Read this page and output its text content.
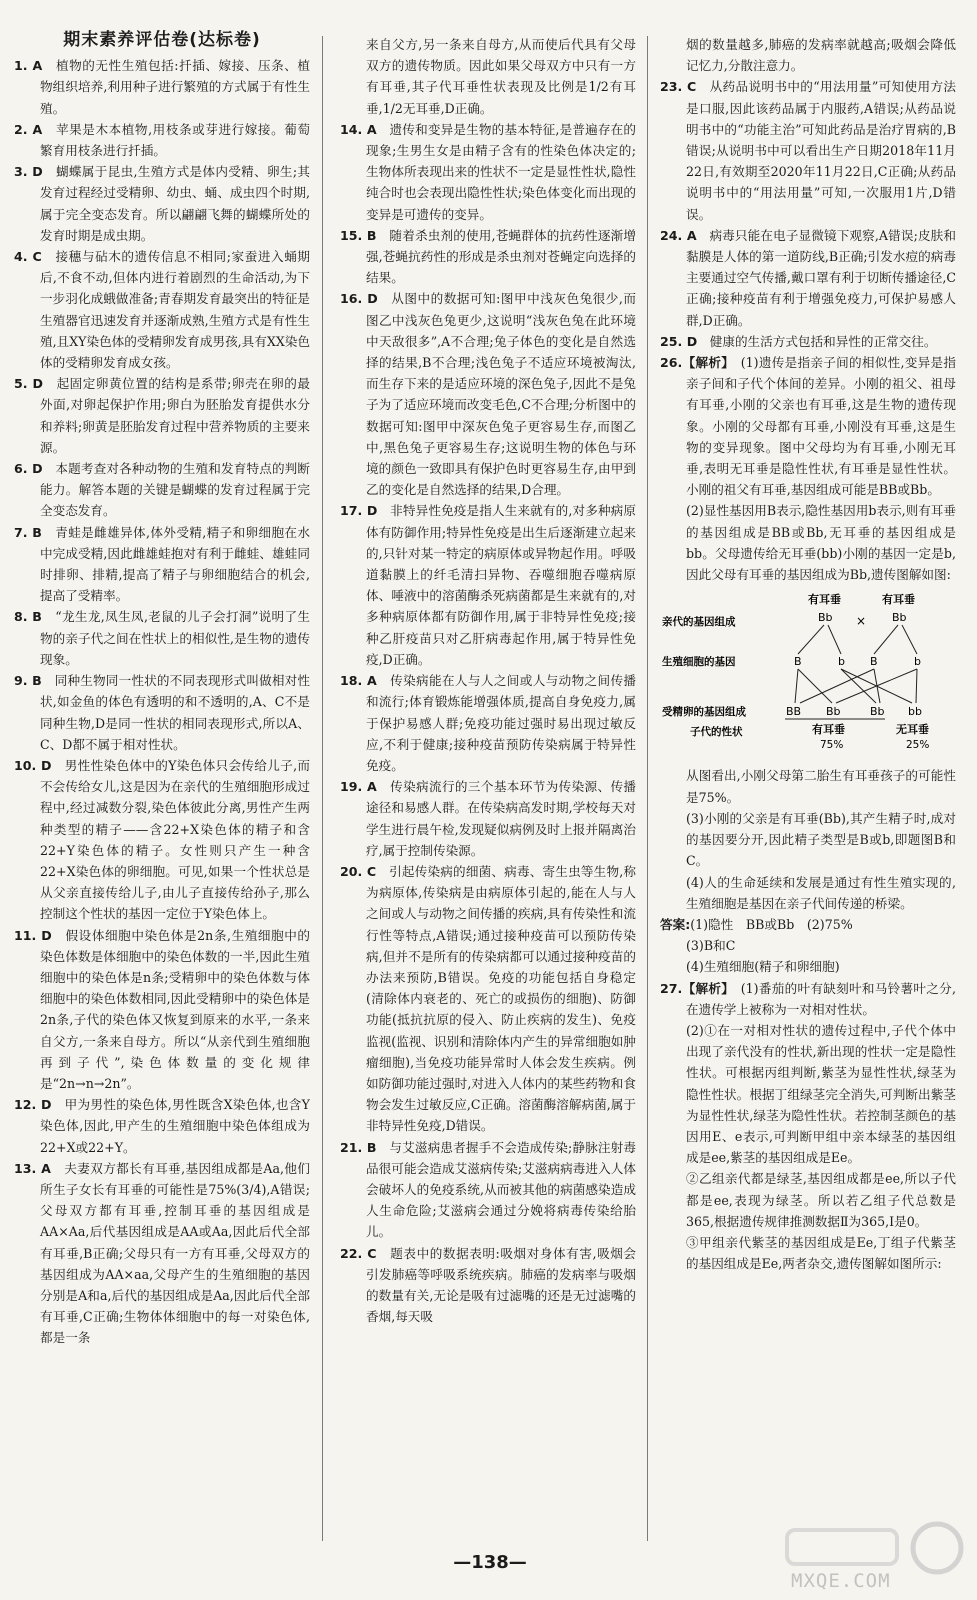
期末素养评估卷(达标卷)

1. A　 植物的无性生殖包括:扦插、嫁接、压条、植物组织培养,利用种子进行繁殖的方式属于有性生殖。

2. A　 苹果是木本植物,用枝条或芽进行嫁接。葡萄繁育用枝条进行扦插。

3. D　 蝴蝶属于昆虫,生殖方式是体内受精、卵生;其发育过程经过受精卵、幼虫、蛹、成虫四个时期,属于完全变态发育。所以翩翩飞舞的蝴蝶所处的发育时期是成虫期。

4. C　 接穗与砧木的遗传信息不相同;家蚕进入蛹期后,不食不动,但体内进行着剧烈的生命活动,为下一步羽化成蛾做准备;青春期发育最突出的特征是生殖器官迅速发育并逐渐成熟,生殖方式是有性生殖,且XY染色体的受精卵发育成男孩,具有XX染色体的受精卵发育成女孩。

5. D　 起固定卵黄位置的结构是系带;卵壳在卵的最外面,对卵起保护作用;卵白为胚胎发育提供水分和养料;卵黄是胚胎发育过程中营养物质的主要来源。

6. D　 本题考查对各种动物的生殖和发育特点的判断能力。解答本题的关键是蝴蝶的发育过程属于完全变态发育。

7. B　 青蛙是雌雄异体,体外受精,精子和卵细胞在水中完成受精,因此雌雄蛙抱对有利于雌蛙、雄蛙同时排卵、排精,提高了精子与卵细胞结合的机会,提高了受精率。

8. B　 “龙生龙,凤生凤,老鼠的儿子会打洞”说明了生物的亲子代之间在性状上的相似性,是生物的遗传现象。

9. B　 同种生物同一性状的不同表现形式叫做相对性状,如金鱼的体色有透明的和不透明的,A、C不是同种生物,D是同一性状的相同表现形式,所以A、C、D都不属于相对性状。

10. D　 男性性染色体中的Y染色体只会传给儿子,而不会传给女儿,这是因为在亲代的生殖细胞形成过程中,经过减数分裂,染色体彼此分离,男性产生两种类型的精子——含22+X染色体的精子和含22+Y染色体的精子。女性则只产生一种含22+X染色体的卵细胞。可见,如果一个性状总是从父亲直接传给儿子,由儿子直接传给孙子,那么控制这个性状的基因一定位于Y染色体上。

11. D　 假设体细胞中染色体是2n条,生殖细胞中的染色体数是体细胞中的染色体数的一半,因此生殖细胞中的染色体是n条;受精卵中的染色体数与体细胞中的染色体数相同,因此受精卵中的染色体是2n条,子代的染色体又恢复到原来的水平,一条来自父方,一条来自母方。所以“从亲代到生殖细胞再到子代”,染色体数量的变化规律是“2n→n→2n”。

12. D　 甲为男性的染色体,男性既含X染色体,也含Y染色体,因此,甲产生的生殖细胞中染色体组成为22+X或22+Y。

13. A　 夫妻双方都长有耳垂,基因组成都是Aa,他们所生子女长有耳垂的可能性是75%(3/4),A错误;父母双方都有耳垂,控制耳垂的基因组成是AA×Aa,后代基因组成是AA或Aa,因此后代全部有耳垂,B正确;父母只有一方有耳垂,父母双方的基因组成为AA×aa,父母产生的生殖细胞的基因分别是A和a,后代的基因组成是Aa,因此后代全部有耳垂,C正确;生物体体细胞中的每一对染色体,都是一条

来自父方,另一条来自母方,从而使后代具有父母双方的遗传物质。因此如果父母双方中只有一方有耳垂,其子代耳垂性状表现及比例是1/2有耳垂,1/2无耳垂,D正确。

14. A　 遗传和变异是生物的基本特征,是普遍存在的现象;生男生女是由精子含有的性染色体决定的;生物体所表现出来的性状不一定是显性性状,隐性纯合时也会表现出隐性性状;染色体变化而出现的变异是可遗传的变异。

15. B　 随着杀虫剂的使用,苍蝇群体的抗药性逐渐增强,苍蝇抗药性的形成是杀虫剂对苍蝇定向选择的结果。

16. D　 从图中的数据可知:图甲中浅灰色兔很少,而图乙中浅灰色兔更少,这说明“浅灰色兔在此环境中天敌很多”,A不合理;兔子体色的变化是自然选择的结果,B不合理;浅色兔子不适应环境被淘汰,而生存下来的是适应环境的深色兔子,因此不是兔子为了适应环境而改变毛色,C不合理;分析图中的数据可知:图甲中深灰色兔子更容易生存,而图乙中,黑色兔子更容易生存;这说明生物的体色与环境的颜色一致即具有保护色时更容易生存,由甲到乙的变化是自然选择的结果,D合理。

17. D　 非特异性免疫是指人生来就有的,对多种病原体有防御作用;特异性免疫是出生后逐渐建立起来的,只针对某一特定的病原体或异物起作用。呼吸道黏膜上的纤毛清扫异物、吞噬细胞吞噬病原体、唾液中的溶菌酶杀死病菌都是生来就有的,对多种病原体都有防御作用,属于非特异性免疫;接种乙肝疫苗只对乙肝病毒起作用,属于特异性免疫,D正确。

18. A　 传染病能在人与人之间或人与动物之间传播和流行;体育锻炼能增强体质,提高自身免疫力,属于保护易感人群;免疫功能过强时易出现过敏反应,不利于健康;接种疫苗预防传染病属于特异性免疫。

19. A　 传染病流行的三个基本环节为传染源、传播途径和易感人群。在传染病高发时期,学校每天对学生进行晨午检,发现疑似病例及时上报并隔离治疗,属于控制传染源。

20. C　 引起传染病的细菌、病毒、寄生虫等生物,称为病原体,传染病是由病原体引起的,能在人与人之间或人与动物之间传播的疾病,具有传染性和流行性等特点,A错误;通过接种疫苗可以预防传染病,但并不是所有的传染病都可以通过接种疫苗的办法来预防,B错误。免疫的功能包括自身稳定(清除体内衰老的、死亡的或损伤的细胞)、防御功能(抵抗抗原的侵入、防止疾病的发生)、免疫监视(监视、识别和清除体内产生的异常细胞如肿瘤细胞),当免疫功能异常时人体会发生疾病。例如防御功能过强时,对进入人体内的某些药物和食物会发生过敏反应,C正确。溶菌酶溶解病菌,属于非特异性免疫,D错误。

21. B　 与艾滋病患者握手不会造成传染;静脉注射毒品很可能会造成艾滋病传染;艾滋病病毒进入人体会破坏人的免疫系统,从而被其他的病菌感染造成人生命危险;艾滋病会通过分娩将病毒传染给胎儿。

22. C　 题表中的数据表明:吸烟对身体有害,吸烟会引发肺癌等呼吸系统疾病。肺癌的发病率与吸烟的数量有关,无论是吸有过滤嘴的还是无过滤嘴的香烟,每天吸

烟的数量越多,肺癌的发病率就越高;吸烟会降低记忆力,分散注意力。

23. C　 从药品说明书中的“用法用量”可知使用方法是口服,因此该药品属于内服药,A错误;从药品说明书中的“功能主治”可知此药品是治疗胃病的,B错误;从说明书中可以看出生产日期2018年11月22日,有效期至2020年11月22日,C正确;从药品说明书中的“用法用量”可知,一次服用1片,D错误。

24. A　 病毒只能在电子显微镜下观察,A错误;皮肤和黏膜是人体的第一道防线,B正确;引发水痘的病毒主要通过空气传播,戴口罩有利于切断传播途径,C正确;接种疫苗有利于增强免疫力,可保护易感人群,D正确。

25. D　 健康的生活方式包括和异性的正常交往。

26.【解析】　 (1)遗传是指亲子间的相似性,变异是指亲子间和子代个体间的差异。小刚的祖父、祖母有耳垂,小刚的父亲也有耳垂,这是生物的遗传现象。小刚的父母都有耳垂,小刚没有耳垂,这是生物的变异现象。图中父母均为有耳垂,小刚无耳垂,表明无耳垂是隐性性状,有耳垂是显性性状。小刚的祖父有耳垂,基因组成可能是BB或Bb。

(2)显性基因用B表示,隐性基因用b表示,则有耳垂的基因组成是BB或Bb,无耳垂的基因组成是bb。父母遗传给无耳垂(bb)小刚的基因一定是b,因此父母有耳垂的基因组成为Bb,遗传图解如图:

有耳垂	有耳垂
亲代的基因组成	Bb × Bb
生殖细胞的基因	B	b B	b
受精卵的基因组成	BB Bb	Bb bb
子代的性状	有耳垂	无耳垂
75%	25%

从图看出,小刚父母第二胎生有耳垂孩子的可能性是75%。

(3)小刚的父亲是有耳垂(Bb),其产生精子时,成对的基因要分开,因此精子类型是B或b,即题图B和C。

(4)人的生命延续和发展是通过有性生殖实现的,生殖细胞是基因在亲子代间传递的桥梁。

答案:(1)隐性　BB或Bb　(2)75%
(3)B和C
(4)生殖细胞(精子和卵细胞)

27.【解析】　 (1)番茄的叶有缺刻叶和马铃薯叶之分,在遗传学上被称为一对相对性状。

(2)①在一对相对性状的遗传过程中,子代个体中出现了亲代没有的性状,新出现的性状一定是隐性性状。可根据丙组判断,紫茎为显性性状,绿茎为隐性性状。根据丁组绿茎完全消失,可判断出紫茎为显性性状,绿茎为隐性性状。若控制茎颜色的基因用E、e表示,可判断甲组中亲本绿茎的基因组成是ee,紫茎的基因组成是Ee。

②乙组亲代都是绿茎,基因组成都是ee,所以子代都是ee,表现为绿茎。所以若乙组子代总数是365,根据遗传规律推测数据Ⅱ为365,Ⅰ是0。

③甲组亲代紫茎的基因组成是Ee,丁组子代紫茎的基因组成是Ee,两者杂交,遗传图解如图所示:

—138—
MXQE.COM
